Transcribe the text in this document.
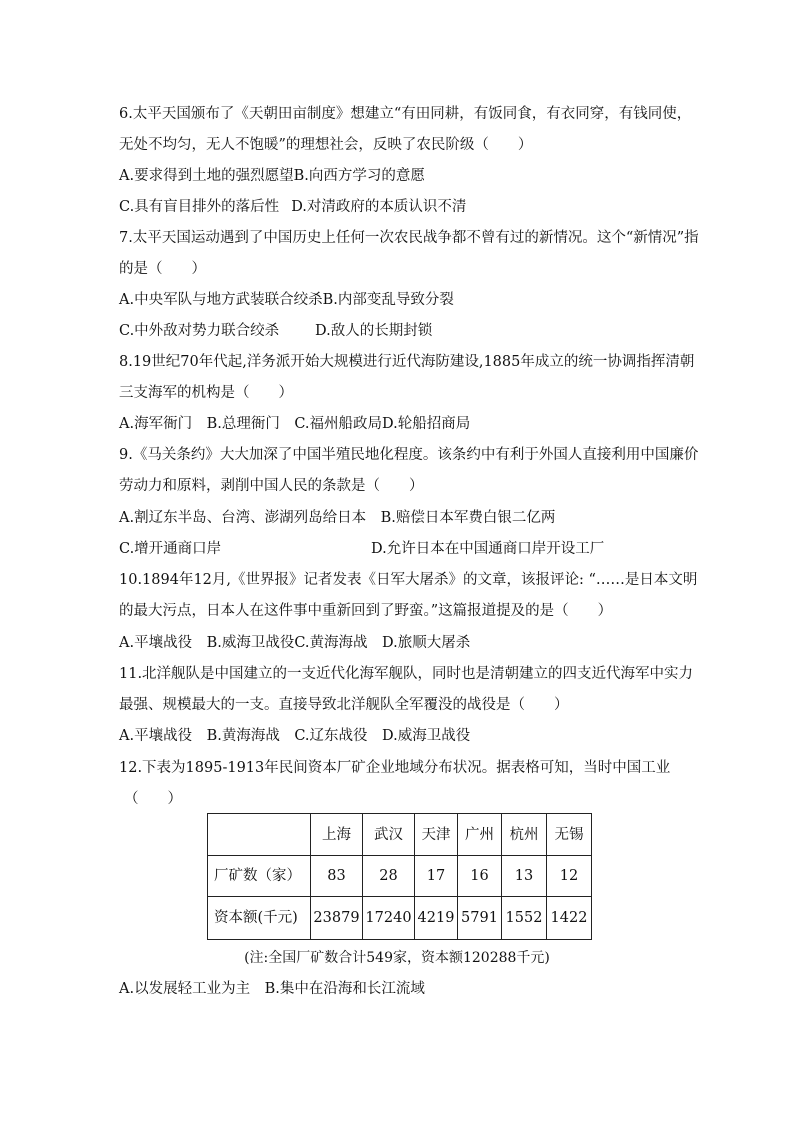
6.太平天国颁布了《天朝田亩制度》想建立“有田同耕，有饭同食，有衣同穿，有钱同使，
无处不均匀，无人不饱暖”的理想社会，反映了农民阶级（　　）
A.要求得到土地的强烈愿望B.向西方学习的意愿
C.具有盲目排外的落后性 D.对清政府的本质认识不清
7.太平天国运动遇到了中国历史上任何一次农民战争都不曾有过的新情况。这个“新情况”指
的是（　　）
A.中央军队与地方武装联合绞杀B.内部变乱导致分裂
C.中外敌对势力联合绞杀 D.敌人的长期封锁
8.19世纪70年代起,洋务派开始大规模进行近代海防建设,1885年成立的统一协调指挥清朝
三支海军的机构是（　　）
A.海军衙门　B.总理衙门　C.福州船政局D.轮船招商局
9.《马关条约》大大加深了中国半殖民地化程度。该条约中有利于外国人直接利用中国廉价
劳动力和原料，剥削中国人民的条款是（　　）
A.割辽东半岛、台湾、澎湖列岛给日本　B.赔偿日本军费白银二亿两
C.增开通商口岸	D.允许日本在中国通商口岸开设工厂
10.1894年12月,《世界报》记者发表《日军大屠杀》的文章，该报评论: “……是日本文明
的最大污点，日本人在这件事中重新回到了野蛮。”这篇报道提及的是（　　）
A.平壤战役　B.威海卫战役C.黄海海战　D.旅顺大屠杀
11.北洋舰队是中国建立的一支近代化海军舰队，同时也是清朝建立的四支近代海军中实力
最强、规模最大的一支。直接导致北洋舰队全军覆没的战役是（　　）
A.平壤战役　B.黄海海战　C.辽东战役　D.威海卫战役
12.下表为1895-1913年民间资本厂矿企业地域分布状况。据表格可知，当时中国工业
（　　）
	上海	武汉	天津	广州	杭州	无锡
厂矿数（家）	83	28	17	16	13	12
资本额(千元)	23879	17240	4219	5791	1552	1422
(注:全国厂矿数合计549家，资本额120288千元)
A.以发展轻工业为主　B.集中在沿海和长江流域
